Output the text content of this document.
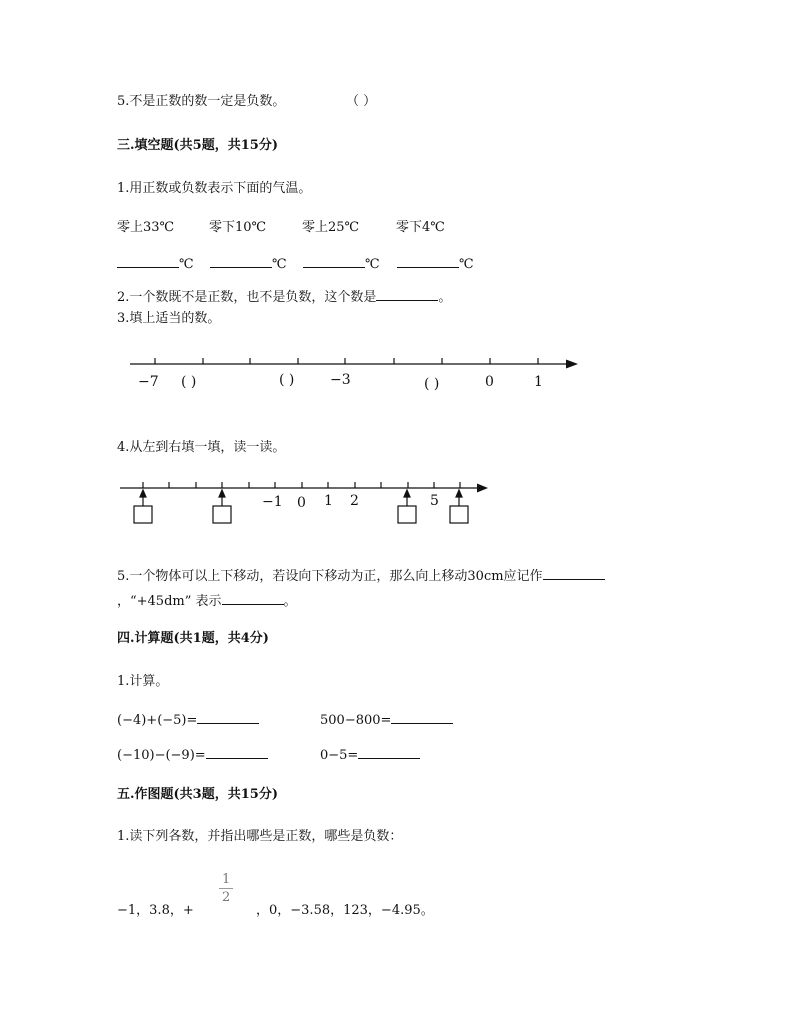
5.不是正数的数一定是负数。	（ ）
三.填空题(共5题，共15分)
1.用正数或负数表示下面的气温。
零上33℃	零下10℃	零上25℃	零下4℃
℃	℃	℃	℃
2.一个数既不是正数，也不是负数，这个数是	。
3.填上适当的数。
−7 ( )	( )	−3	( )	0	1
4.从左到右填一填，读一读。
−1 0 1 2	5
5.一个物体可以上下移动，若设向下移动为正，那么向上移动30cm应记作
，“+45dm” 表示	。
四.计算题(共1题，共4分)
1.计算。
(−4)+(−5)=	500−800=
(−10)−(−9)=	0−5=
五.作图题(共3题，共15分)
1.读下列各数，并指出哪些是正数，哪些是负数：
−1，3.8，+
1
2
，0，−3.58，123，−4.95。
